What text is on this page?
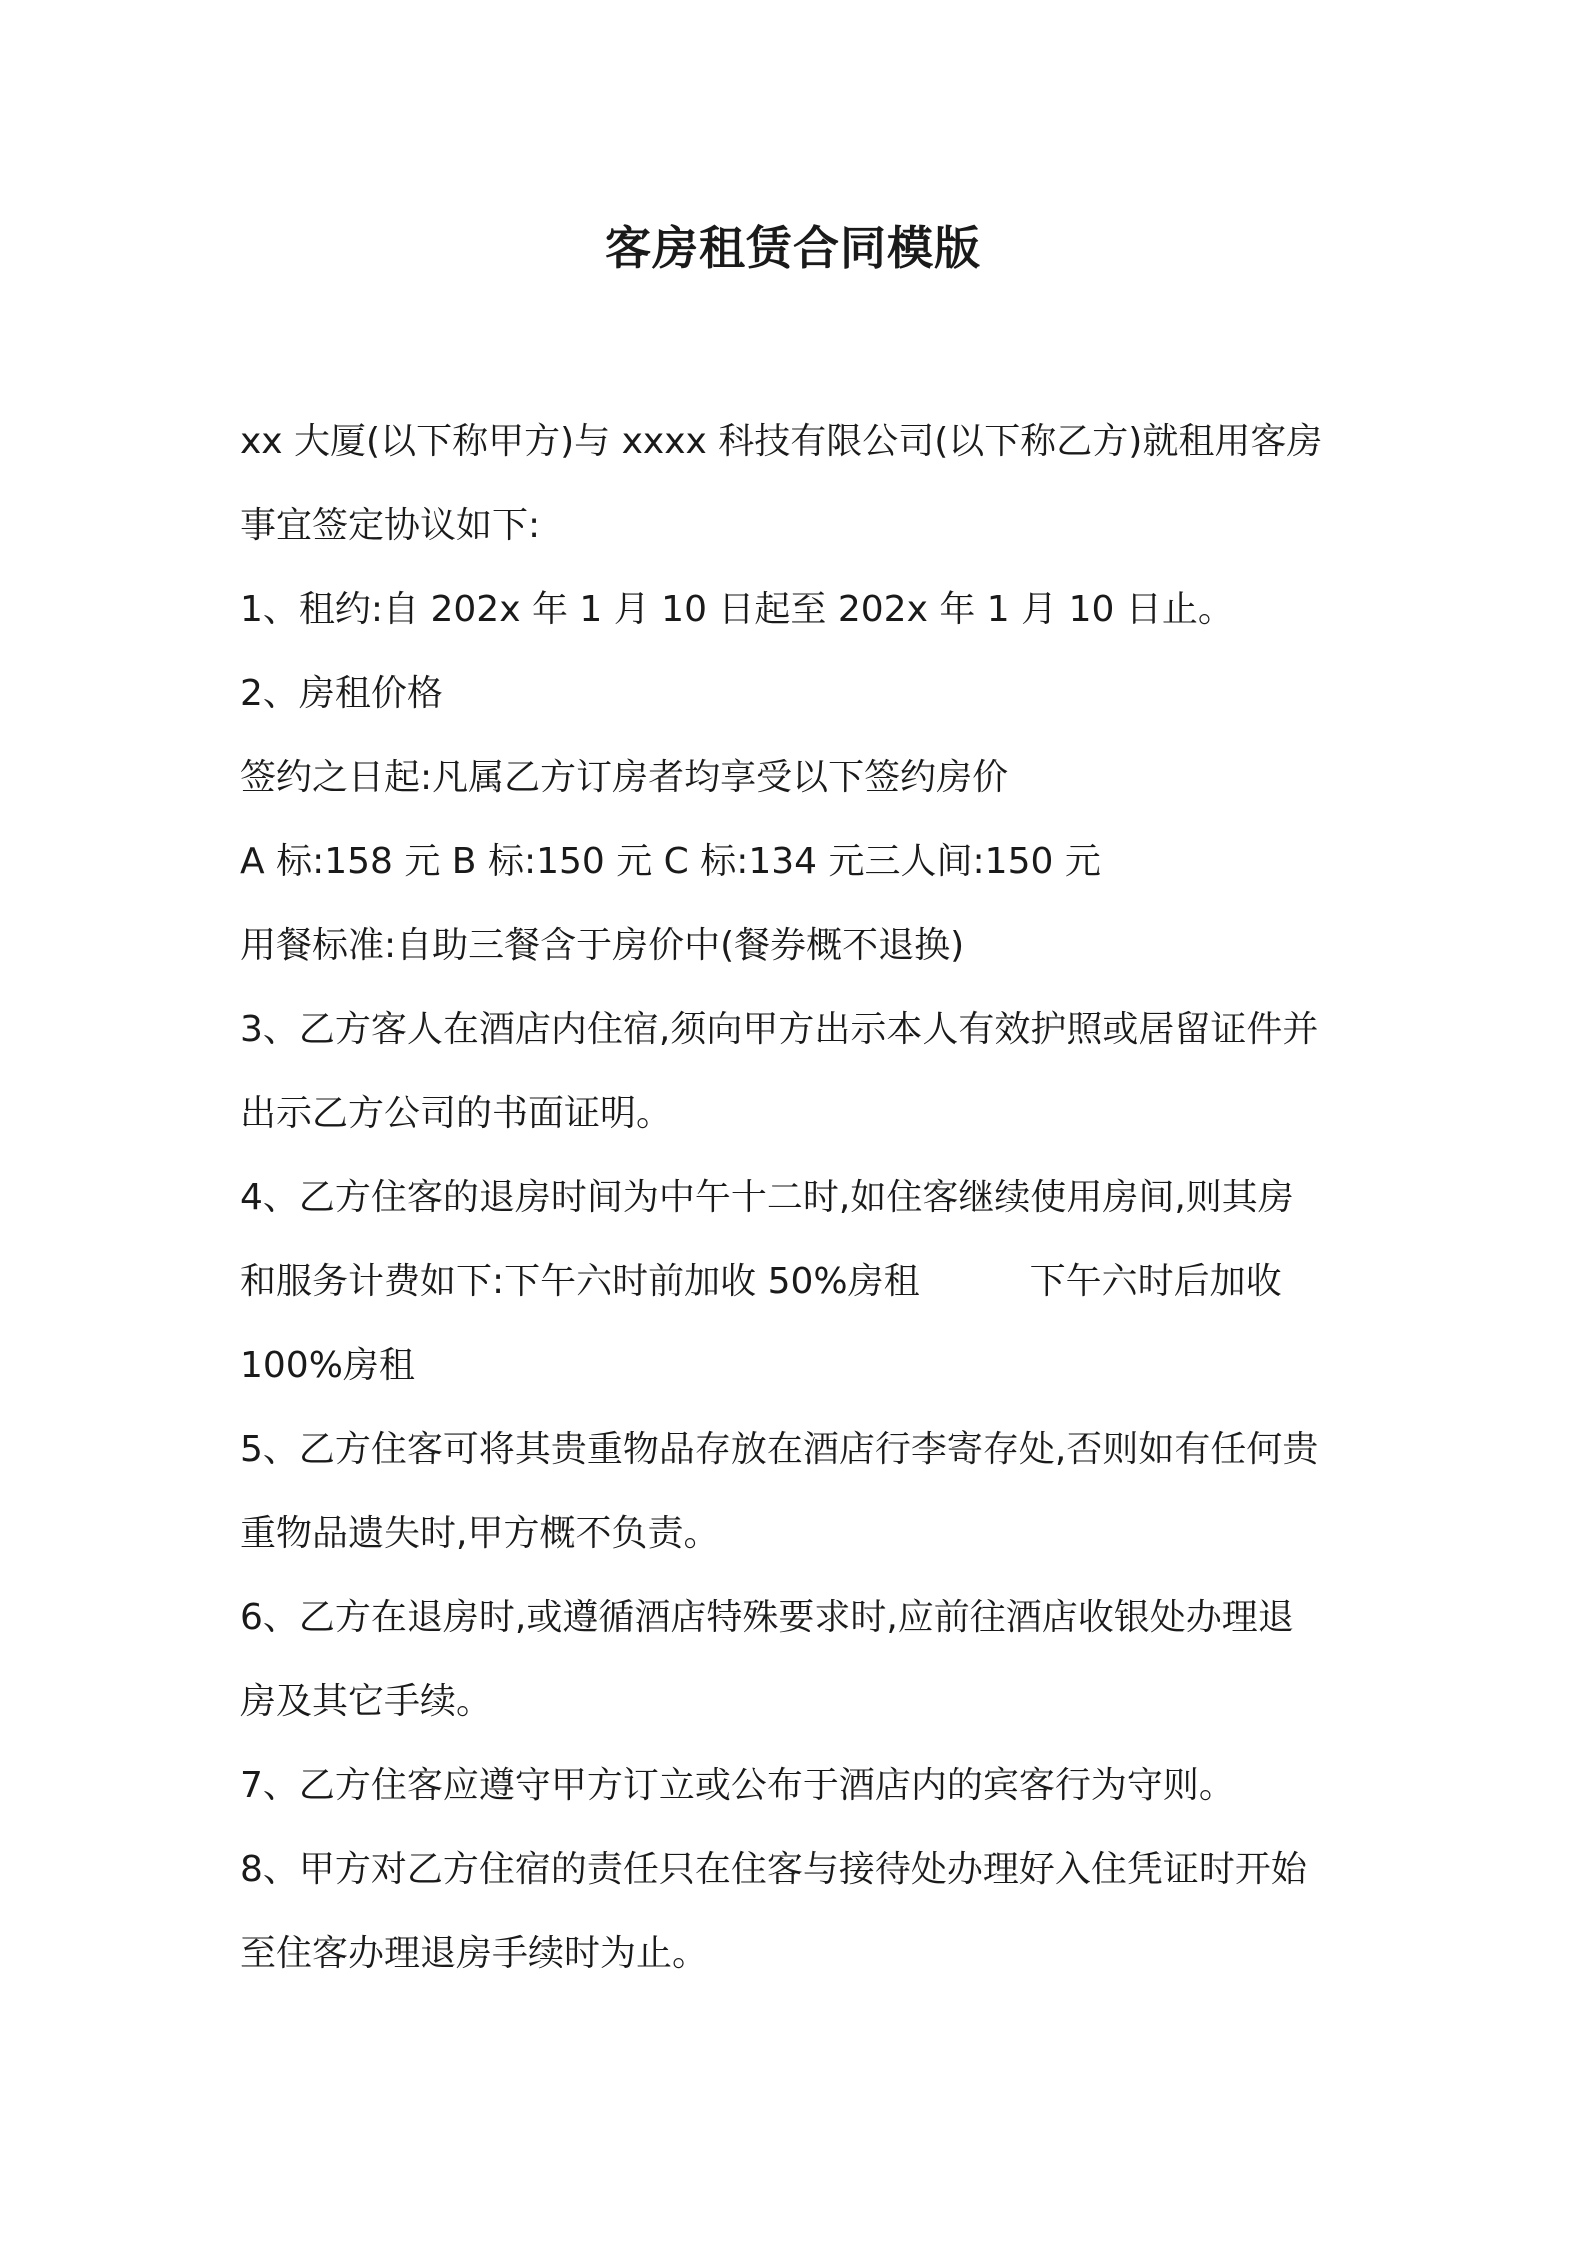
客房租赁合同模版

xx 大厦(以下称甲方)与 xxxx 科技有限公司(以下称乙方)就租用客房

事宜签定协议如下:

1、租约:自 202x 年 1 月 10 日起至 202x 年 1 月 10 日止。

2、房租价格

签约之日起:凡属乙方订房者均享受以下签约房价

A 标:158 元 B 标:150 元 C 标:134 元三人间:150 元

用餐标准:自助三餐含于房价中(餐券概不退换)

3、乙方客人在酒店内住宿,须向甲方出示本人有效护照或居留证件并

出示乙方公司的书面证明。

4、乙方住客的退房时间为中午十二时,如住客继续使用房间,则其房

和服务计费如下:下午六时前加收 50%房租	下午六时后加收

100%房租

5、乙方住客可将其贵重物品存放在酒店行李寄存处,否则如有任何贵

重物品遗失时,甲方概不负责。

6、乙方在退房时,或遵循酒店特殊要求时,应前往酒店收银处办理退

房及其它手续。

7、乙方住客应遵守甲方订立或公布于酒店内的宾客行为守则。

8、甲方对乙方住宿的责任只在住客与接待处办理好入住凭证时开始

至住客办理退房手续时为止。
